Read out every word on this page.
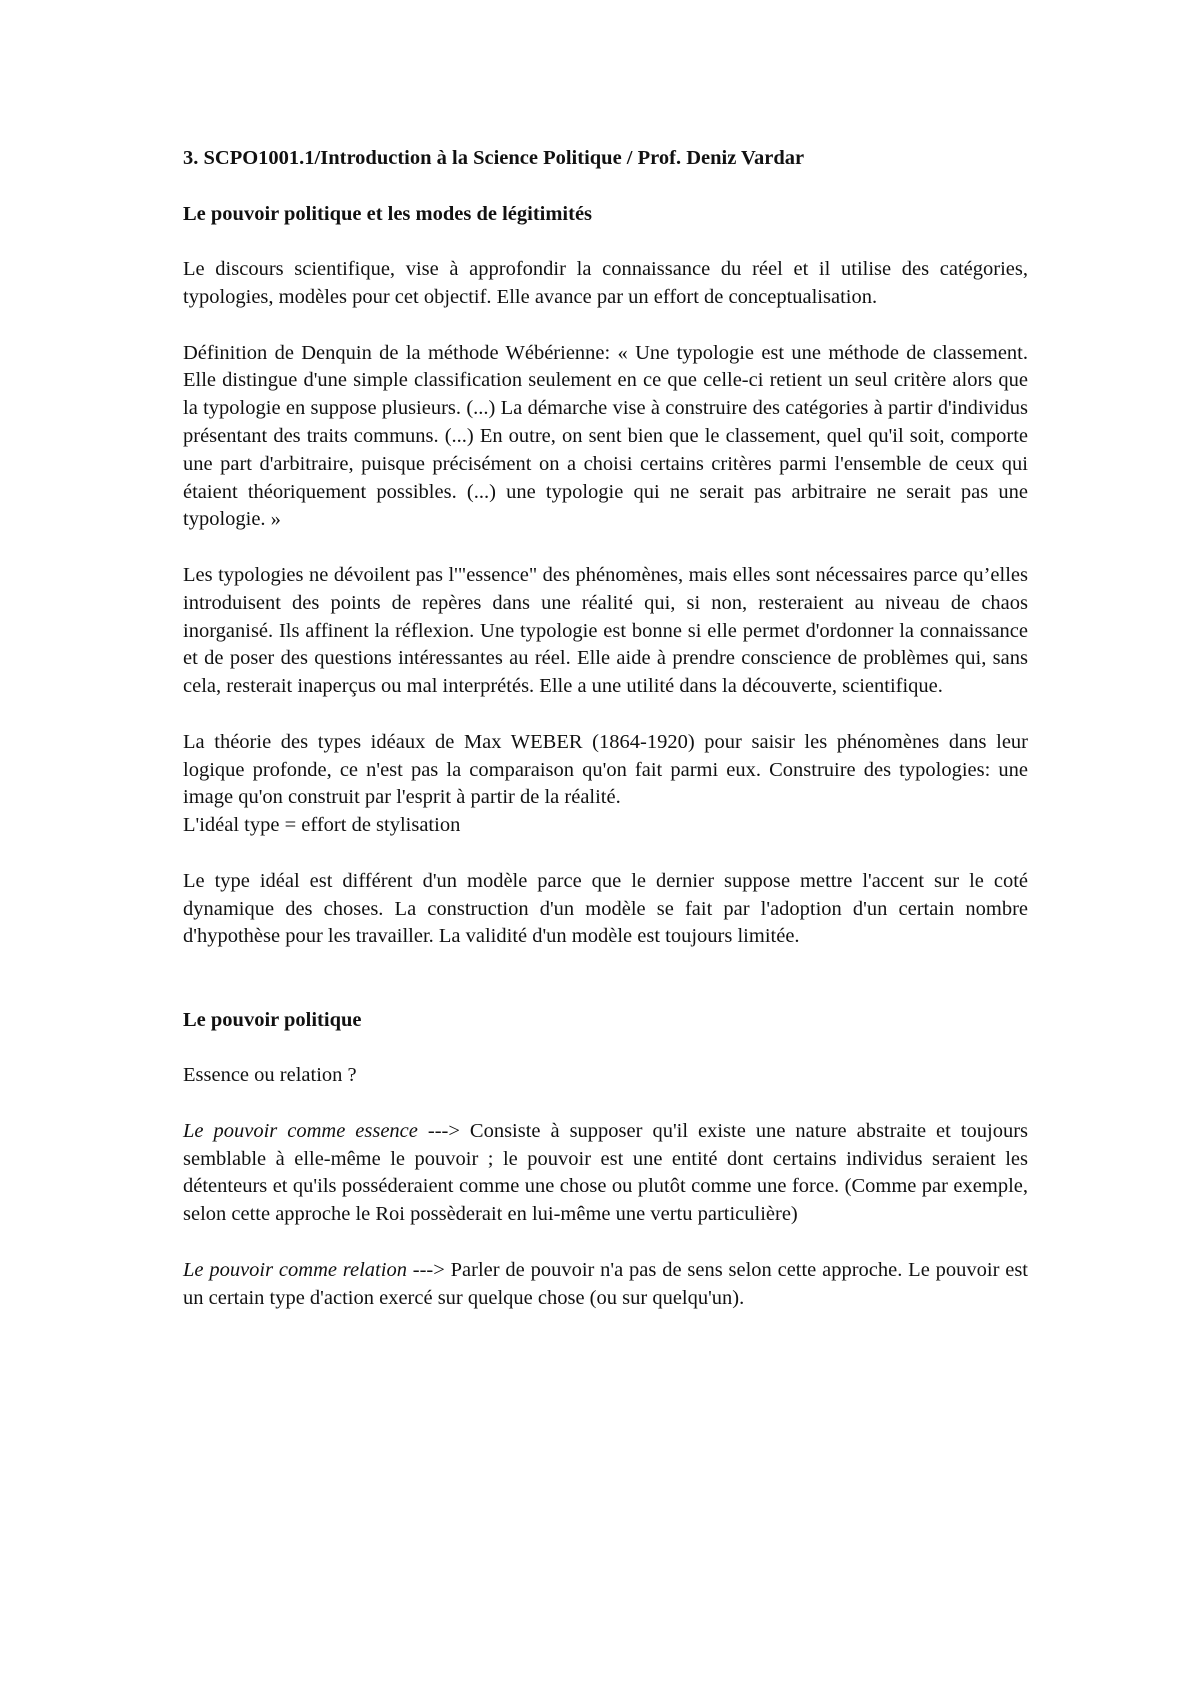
3. SCPO1001.1/Introduction à la Science Politique / Prof. Deniz Vardar

Le pouvoir politique et les modes de légitimités

Le discours scientifique, vise à approfondir la connaissance du réel et il utilise des catégories, typologies, modèles pour cet objectif. Elle avance par un effort de conceptualisation.

Définition de Denquin de la méthode Wébérienne: « Une typologie est une méthode de classement. Elle distingue d'une simple classification seulement en ce que celle-ci retient un seul critère alors que la typologie en suppose plusieurs. (...) La démarche vise à construire des catégories à partir d'individus présentant des traits communs. (...) En outre, on sent bien que le classement, quel qu'il soit, comporte une part d'arbitraire, puisque précisément on a choisi certains critères parmi l'ensemble de ceux qui étaient théoriquement possibles. (...) une typologie qui ne serait pas arbitraire ne serait pas une typologie. »

Les typologies ne dévoilent pas l'"essence" des phénomènes, mais elles sont nécessaires parce qu’elles introduisent des points de repères dans une réalité qui, si non, resteraient au niveau de chaos inorganisé. Ils affinent la réflexion. Une typologie est bonne si elle permet d'ordonner la connaissance et de poser des questions intéressantes au réel. Elle aide à prendre conscience de problèmes qui, sans cela, resterait inaperçus ou mal interprétés. Elle a une utilité dans la découverte, scientifique.

La théorie des types idéaux de Max WEBER (1864-1920) pour saisir les phénomènes dans leur logique profonde, ce n'est pas la comparaison qu'on fait parmi eux. Construire des typologies: une image qu'on construit par l'esprit à partir de la réalité.

L'idéal type = effort de stylisation

Le type idéal est différent d'un modèle parce que le dernier suppose mettre l'accent sur le coté dynamique des choses. La construction d'un modèle se fait par l'adoption d'un certain nombre d'hypothèse pour les travailler. La validité d'un modèle est toujours limitée.

Le pouvoir politique

Essence ou relation ?

Le pouvoir comme essence ---> Consiste à supposer qu'il existe une nature abstraite et toujours semblable à elle-même le pouvoir ; le pouvoir est une entité dont certains individus seraient les détenteurs et qu'ils posséderaient comme une chose ou plutôt comme une force. (Comme par exemple, selon cette approche le Roi possèderait en lui-même une vertu particulière)

Le pouvoir comme relation ---> Parler de pouvoir n'a pas de sens selon cette approche. Le pouvoir est un certain type d'action exercé sur quelque chose (ou sur quelqu'un).
